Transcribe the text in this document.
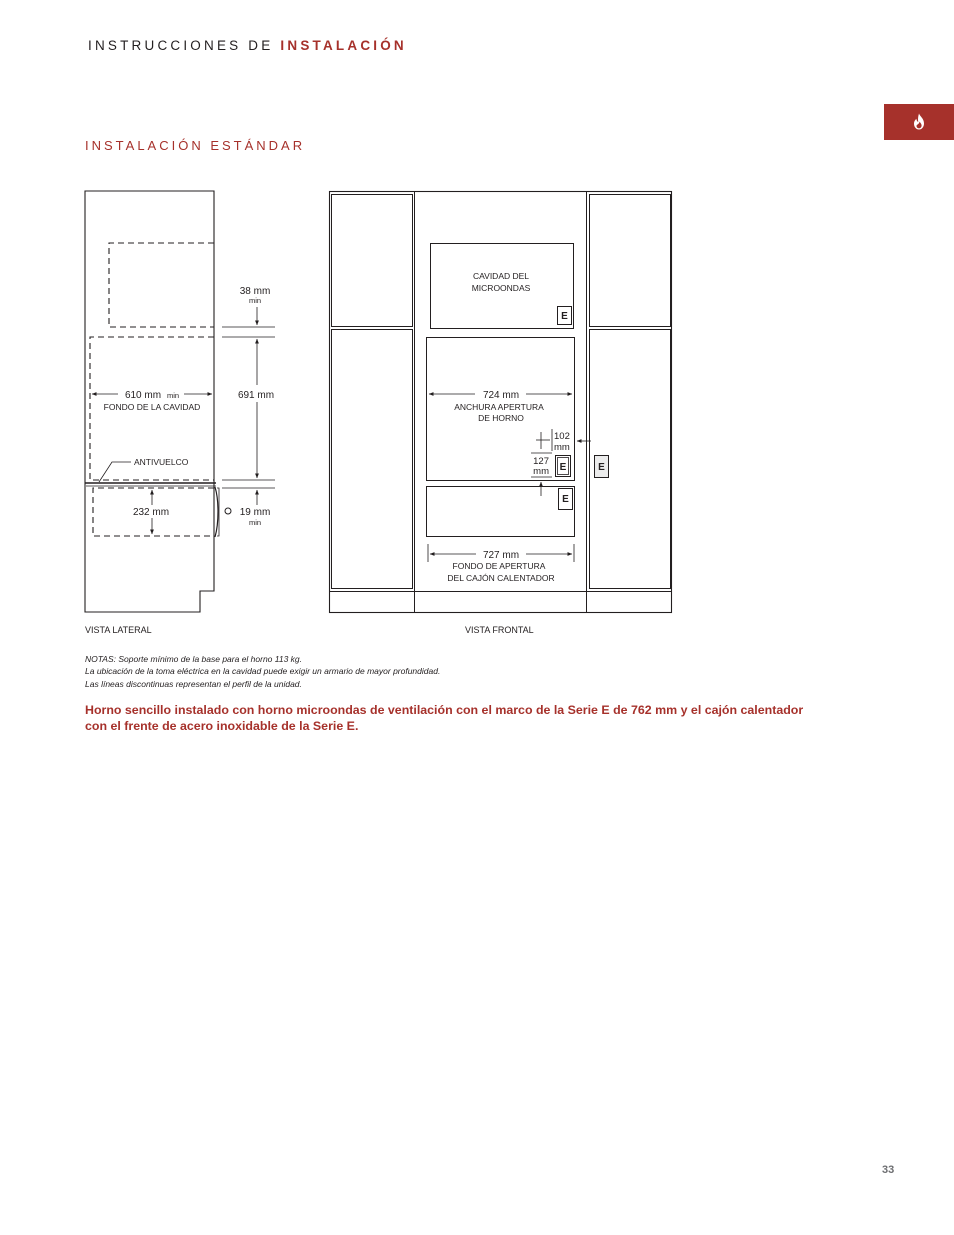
INSTRUCCIONES DE INSTALACIÓN
INSTALACIÓN ESTÁNDAR
38 mm
min
610 mm min
FONDO DE LA CAVIDAD
691 mm
ANTIVUELCO
232 mm	19 mm
min
VISTA LATERAL
CAVIDAD DEL
MICROONDAS
E
E
E
E
724 mm
ANCHURA APERTURA
DE HORNO
102
mm
127
mm
727 mm
FONDO DE APERTURA
DEL CAJÓN CALENTADOR
VISTA FRONTAL
NOTAS: Soporte mínimo de la base para el horno 113 kg.
La ubicación de la toma eléctrica en la cavidad puede exigir un armario de mayor profundidad.
Las líneas discontinuas representan el perfil de la unidad.
Horno sencillo instalado con horno microondas de ventilación con el marco de la Serie E de 762 mm y el cajón calentador
con el frente de acero inoxidable de la Serie E.
33
